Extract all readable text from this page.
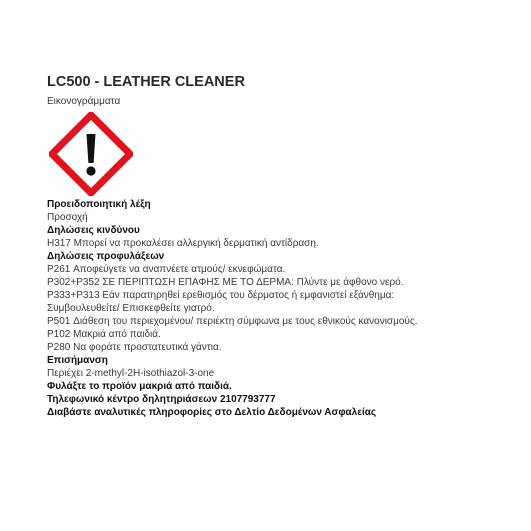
LC500 - LEATHER CLEANER
Εικονογράμματα
Προειδοποιητική λέξη
Προσοχή
Δηλώσεις κινδύνου
H317 Μπορεί να προκαλέσει αλλεργική δερματική αντίδραση.
Δηλώσεις προφυλάξεων
P261 Αποφεύγετε να αναπνέετε ατμούς/ εκνεφώματα.
P302+P352 ΣΕ ΠΕΡΙΠΤΩΣΗ ΕΠΑΦΗΣ ΜΕ ΤΟ ΔΕΡΜΑ: Πλύντε με άφθονο νερό.
P333+P313 Εάν παρατηρηθεί ερεθισμός του δέρματος ή εμφανιστεί εξάνθημα:
Συμβουλευθείτε/ Επισκεφθείτε γιατρό.
P501 Διάθεση του περιεχομένου/ περιέκτη σύμφωνα με τους εθνικούς κανονισμούς.
P102 Μακριά από παιδιά.
P280 Να φοράτε προστατευτικά γάντια.
Επισήμανση
Περιέχει 2-methyl-2H-isothiazol-3-one
Φυλάξτε το προϊόν μακριά από παιδιά.
Τηλεφωνικό κέντρο δηλητηριάσεων 2107793777
Διαβάστε αναλυτικές πληροφορίες στο Δελτίο Δεδομένων Ασφαλείας
